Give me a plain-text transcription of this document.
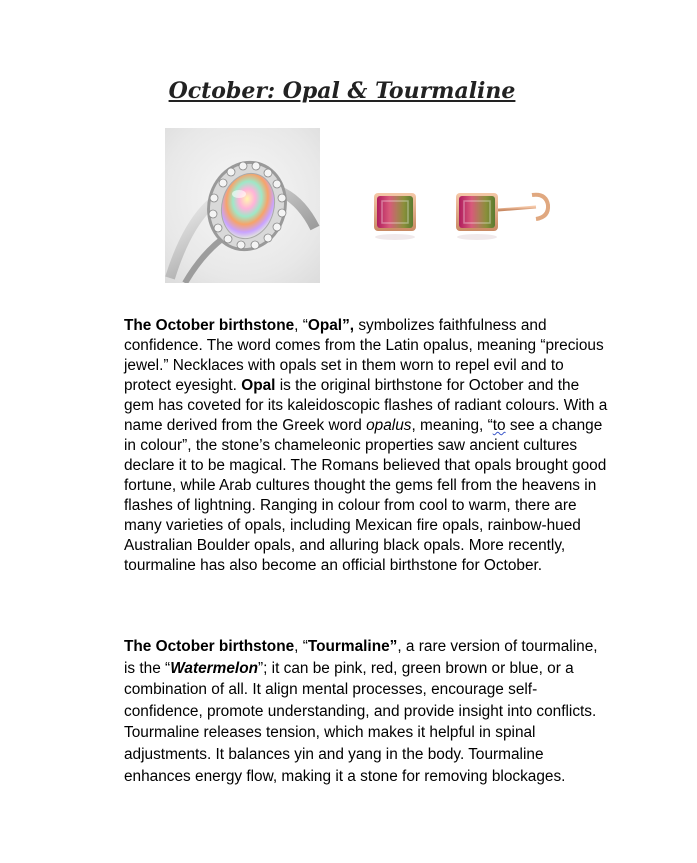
October: Opal & Tourmaline
The October birthstone, “Opal”, symbolizes faithfulness and confidence. The word comes from the Latin opalus, meaning “precious jewel.” Necklaces with opals set in them worn to repel evil and to protect eyesight. Opal is the original birthstone for October and the gem has coveted for its kaleidoscopic flashes of radiant colours. With a name derived from the Greek word opalus, meaning, “to see a change in colour”, the stone’s chameleonic properties saw ancient cultures declare it to be magical. The Romans believed that opals brought good fortune, while Arab cultures thought the gems fell from the heavens in flashes of lightning. Ranging in colour from cool to warm, there are many varieties of opals, including Mexican fire opals, rainbow-hued Australian Boulder opals, and alluring black opals. More recently, tourmaline has also become an official birthstone for October.
The October birthstone, “Tourmaline”, a rare version of tourmaline, is the “Watermelon”; it can be pink, red, green brown or blue, or a combination of all. It align mental processes, encourage self-confidence, promote understanding, and provide insight into conflicts. Tourmaline releases tension, which makes it helpful in spinal adjustments. It balances yin and yang in the body. Tourmaline enhances energy flow, making it a stone for removing blockages.
